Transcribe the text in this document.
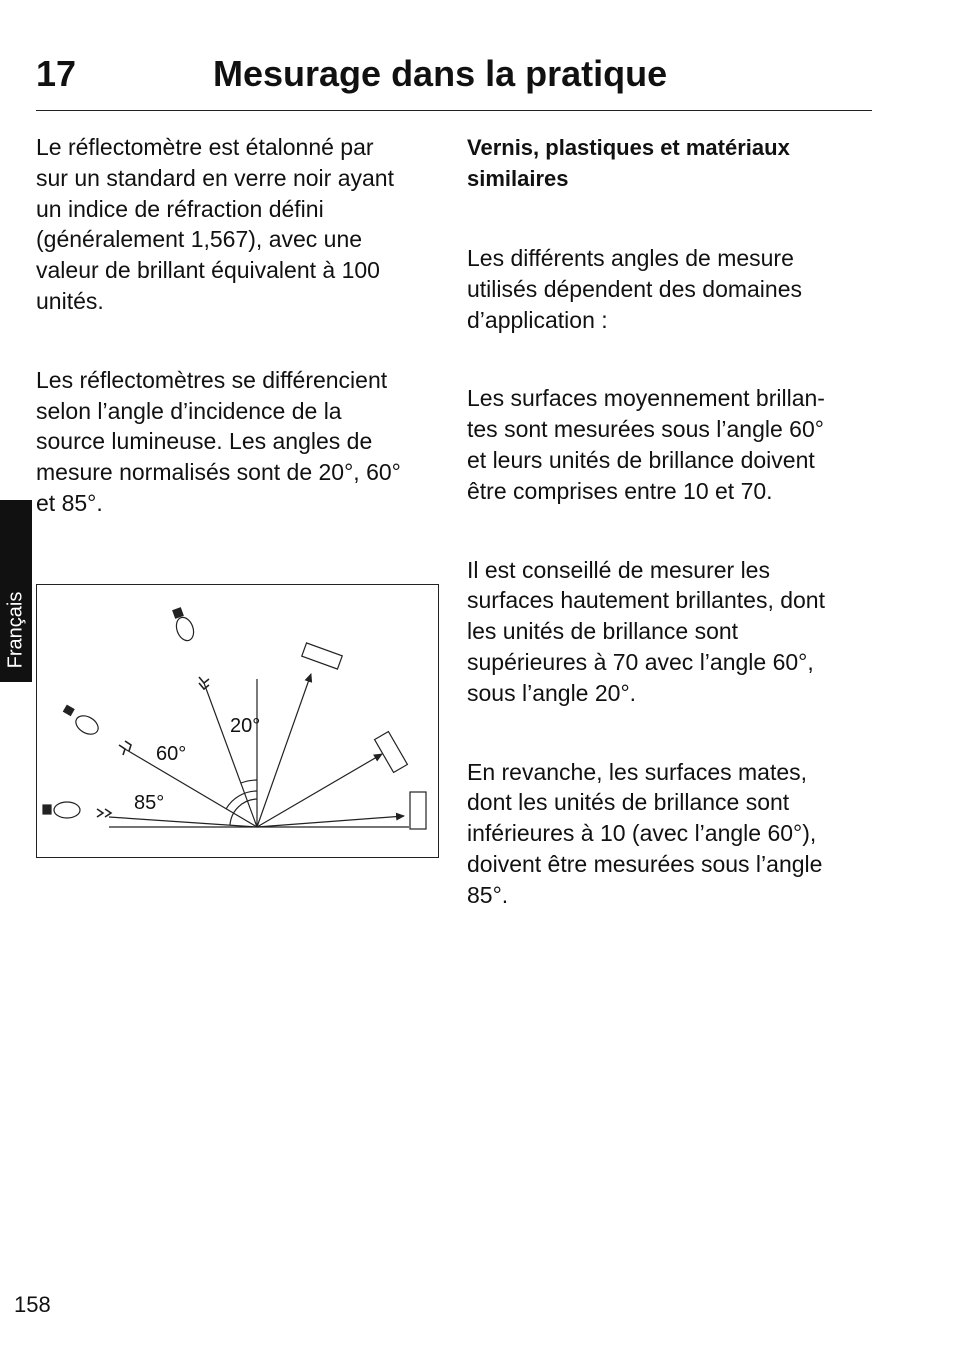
17	Mesurage dans la pratique

Le réflectomètre est étalonné par
sur un standard en verre noir ayant
un indice de réfraction défini
(généralement 1,567), avec une
valeur de brillant équivalent à 100
unités.

Les réflectomètres se différencient
selon l’angle d’incidence de la
source lumineuse. Les angles de
mesure normalisés sont de 20°, 60°
et 85°.

Vernis, plastiques et matériaux
similaires

Les différents angles de mesure
utilisés dépendent des domaines
d’application :

Les surfaces moyennement brillan-
tes sont mesurées sous l’angle 60°
et leurs unités de brillance doivent
être comprises entre 10 et 70.

Il est conseillé de mesurer les
surfaces hautement brillantes, dont
les unités de brillance sont
supérieures à 70 avec l’angle 60°,
sous l’angle 20°.

En revanche, les surfaces mates,
dont les unités de brillance sont
inférieures à 10 (avec l’angle 60°),
doivent être mesurées sous l’angle
85°.

Français
20°
60°
85°
158
